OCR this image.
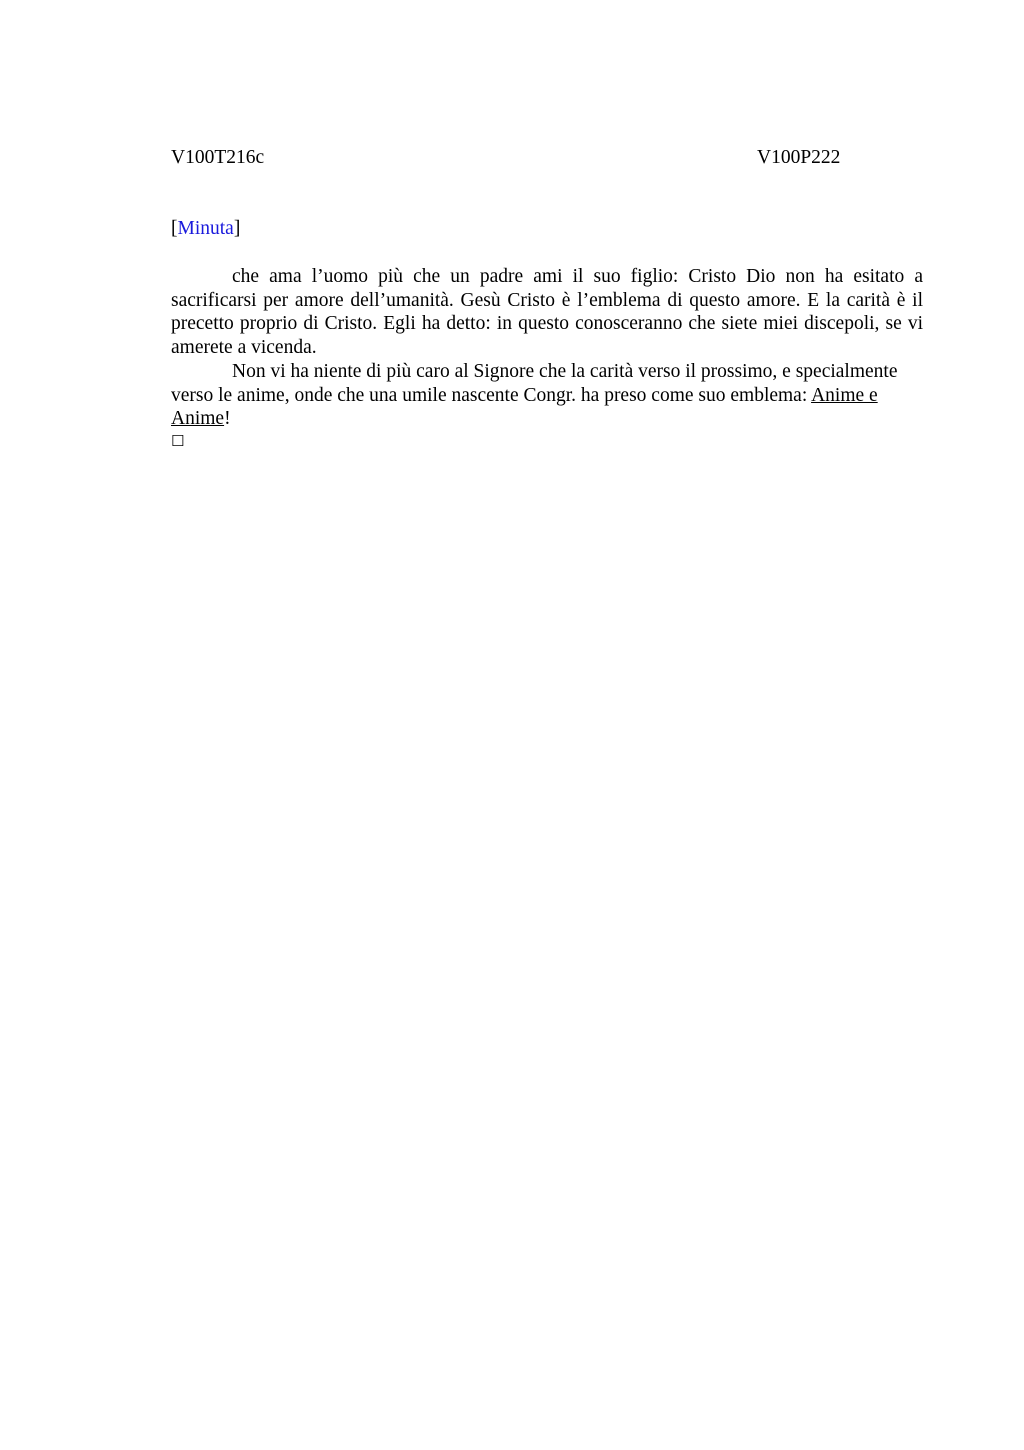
V100T216c	V100P222
[Minuta]

che ama l’uomo più che un padre ami il suo figlio: Cristo Dio non ha esitato a sacrificarsi per amore dell’umanità. Gesù Cristo è l’emblema di questo amore. E la carità è il precetto proprio di Cristo. Egli ha detto: in questo conosceranno che siete miei discepoli, se vi amerete a vicenda.

Non vi ha niente di più caro al Signore che la carità verso il prossimo, e specialmente verso le anime, onde che una umile nascente Congr. ha preso come suo emblema: Anime e Anime!

☐
